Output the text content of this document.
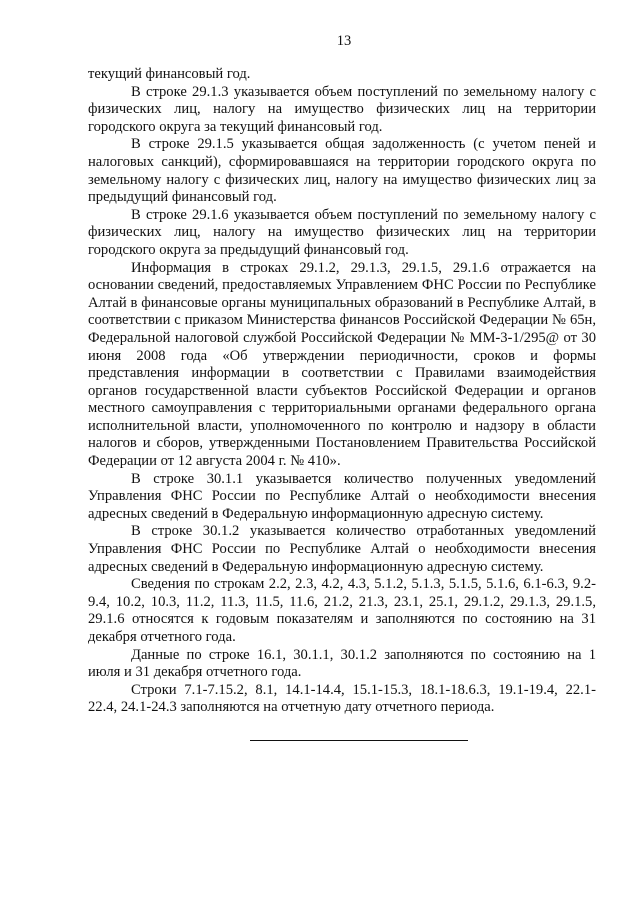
13

текущий финансовый год.

В строке 29.1.3 указывается объем поступлений по земельному налогу с физических лиц, налогу на имущество физических лиц на территории городского округа за текущий финансовый год.

В строке 29.1.5 указывается общая задолженность (с учетом пеней и налоговых санкций), сформировавшаяся на территории городского округа по земельному налогу с физических лиц, налогу на имущество физических лиц за предыдущий финансовый год.

В строке 29.1.6 указывается объем поступлений по земельному налогу с физических лиц, налогу на имущество физических лиц на территории городского округа за предыдущий финансовый год.

Информация в строках 29.1.2, 29.1.3, 29.1.5, 29.1.6 отражается на основании сведений, предоставляемых Управлением ФНС России по Республике Алтай в финансовые органы муниципальных образований в Республике Алтай, в соответствии с приказом Министерства финансов Российской Федерации № 65н, Федеральной налоговой службой Российской Федерации № ММ-3-1/295@ от 30 июня 2008 года «Об утверждении периодичности, сроков и формы представления информации в соответствии с Правилами взаимодействия органов государственной власти субъектов Российской Федерации и органов местного самоуправления с территориальными органами федерального органа исполнительной власти, уполномоченного по контролю и надзору в области налогов и сборов, утвержденными Постановлением Правительства Российской Федерации от 12 августа 2004 г. № 410».

В строке 30.1.1 указывается количество полученных уведомлений Управления ФНС России по Республике Алтай о необходимости внесения адресных сведений в Федеральную информационную адресную систему.

В строке 30.1.2 указывается количество отработанных уведомлений Управления ФНС России по Республике Алтай о необходимости внесения адресных сведений в Федеральную информационную адресную систему.

Сведения по строкам 2.2, 2.3, 4.2, 4.3, 5.1.2, 5.1.3, 5.1.5, 5.1.6, 6.1-6.3, 9.2-9.4, 10.2, 10.3, 11.2, 11.3, 11.5, 11.6, 21.2, 21.3, 23.1, 25.1, 29.1.2, 29.1.3, 29.1.5, 29.1.6 относятся к годовым показателям и заполняются по состоянию на 31 декабря отчетного года.

Данные по строке 16.1, 30.1.1, 30.1.2 заполняются по состоянию на 1 июля и 31 декабря отчетного года.

Строки 7.1-7.15.2, 8.1, 14.1-14.4, 15.1-15.3, 18.1-18.6.3, 19.1-19.4, 22.1-22.4, 24.1-24.3 заполняются на отчетную дату отчетного периода.
